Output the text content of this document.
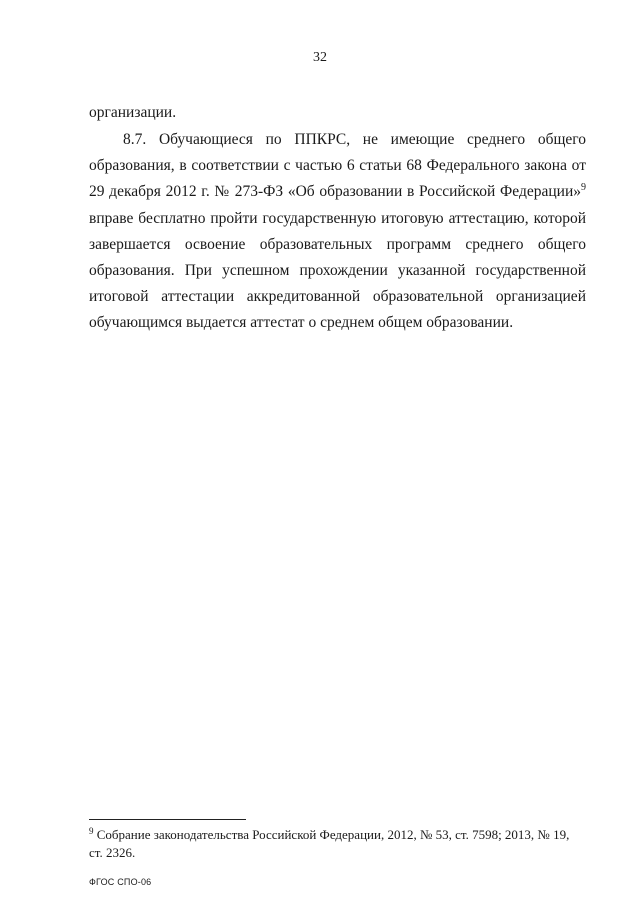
32
организации.
8.7. Обучающиеся по ППКРС, не имеющие среднего общего
образования, в соответствии с частью 6 статьи 68 Федерального закона от
29 декабря 2012 г. № 273-ФЗ «Об образовании в Российской Федерации»$^9$
вправе бесплатно пройти государственную итоговую аттестацию, которой
завершается освоение образовательных программ среднего общего
образования. При успешном прохождении указанной государственной
итоговой аттестации аккредитованной образовательной организацией
обучающимся выдается аттестат о среднем общем образовании.
$^9$ Собрание законодательства Российской Федерации, 2012, № 53, ст. 7598; 2013, № 19,
ст. 2326.
ФГОС СПО-06
